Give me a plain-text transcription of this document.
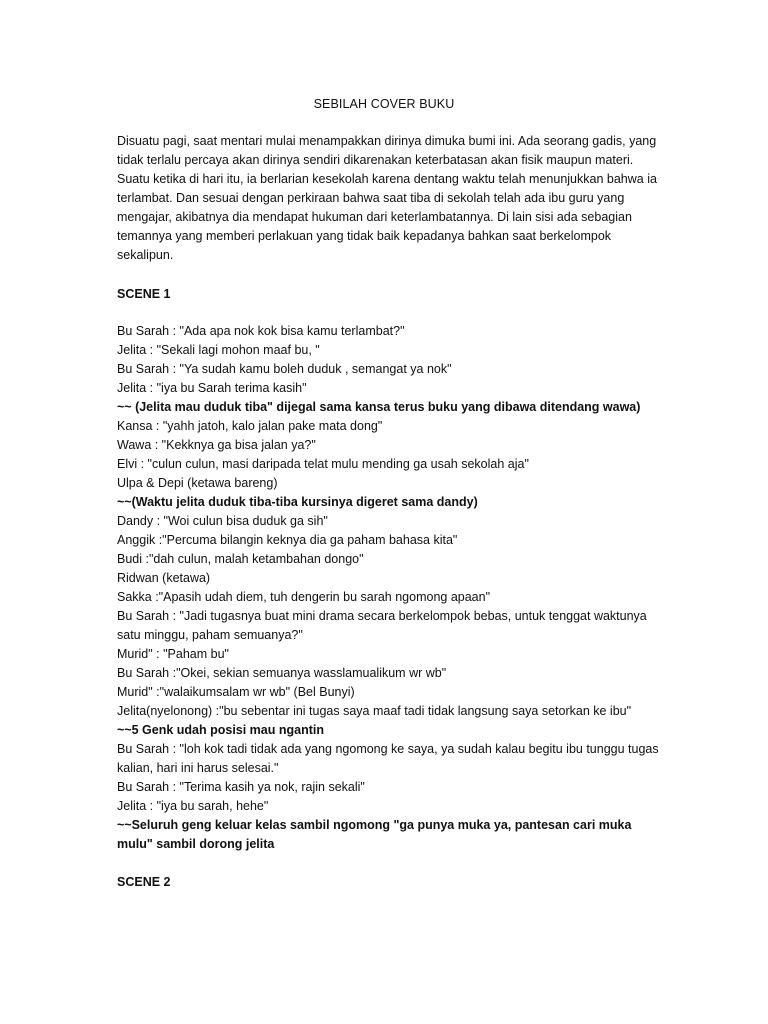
SEBILAH COVER BUKU

Disuatu pagi, saat mentari mulai menampakkan dirinya dimuka bumi ini. Ada seorang gadis, yang tidak terlalu percaya akan dirinya sendiri dikarenakan keterbatasan akan fisik maupun materi. Suatu ketika di hari itu, ia berlarian kesekolah karena dentang waktu telah menunjukkan bahwa ia terlambat. Dan sesuai dengan perkiraan bahwa saat tiba di sekolah telah ada ibu guru yang mengajar, akibatnya dia mendapat hukuman dari keterlambatannya. Di lain sisi ada sebagian temannya yang memberi perlakuan yang tidak baik kepadanya bahkan saat berkelompok sekalipun.

SCENE 1
Bu Sarah : "Ada apa nok kok bisa kamu terlambat?"
Jelita : "Sekali lagi mohon maaf bu, "
Bu Sarah : "Ya sudah kamu boleh duduk , semangat ya nok"
Jelita : "iya bu Sarah terima kasih"
~~ (Jelita mau duduk tiba" dijegal sama kansa terus buku yang dibawa ditendang wawa)
Kansa : "yahh jatoh, kalo jalan pake mata dong"
Wawa : "Kekknya ga bisa jalan ya?"
Elvi : "culun culun, masi daripada telat mulu mending ga usah sekolah aja"
Ulpa & Depi (ketawa bareng)
~~(Waktu jelita duduk tiba-tiba kursinya digeret sama dandy)
Dandy : "Woi culun bisa duduk ga sih"
Anggik :"Percuma bilangin keknya dia ga paham bahasa kita"
Budi :"dah culun, malah ketambahan dongo"
Ridwan (ketawa)
Sakka :"Apasih udah diem, tuh dengerin bu sarah ngomong apaan"
Bu Sarah : "Jadi tugasnya buat mini drama secara berkelompok bebas, untuk tenggat waktunya satu minggu, paham semuanya?"
Murid" : "Paham bu"
Bu Sarah :"Okei, sekian semuanya wasslamualikum wr wb"
Murid" :"walaikumsalam wr wb" (Bel Bunyi)
Jelita(nyelonong) :"bu sebentar ini tugas saya maaf tadi tidak langsung saya setorkan ke ibu"
~~5 Genk udah posisi mau ngantin
Bu Sarah : "loh kok tadi tidak ada yang ngomong ke saya, ya sudah kalau begitu ibu tunggu tugas kalian, hari ini harus selesai."
Bu Sarah : "Terima kasih ya nok, rajin sekali"
Jelita : "iya bu sarah, hehe"
~~Seluruh geng keluar kelas sambil ngomong "ga punya muka ya, pantesan cari muka mulu" sambil dorong jelita
SCENE 2
